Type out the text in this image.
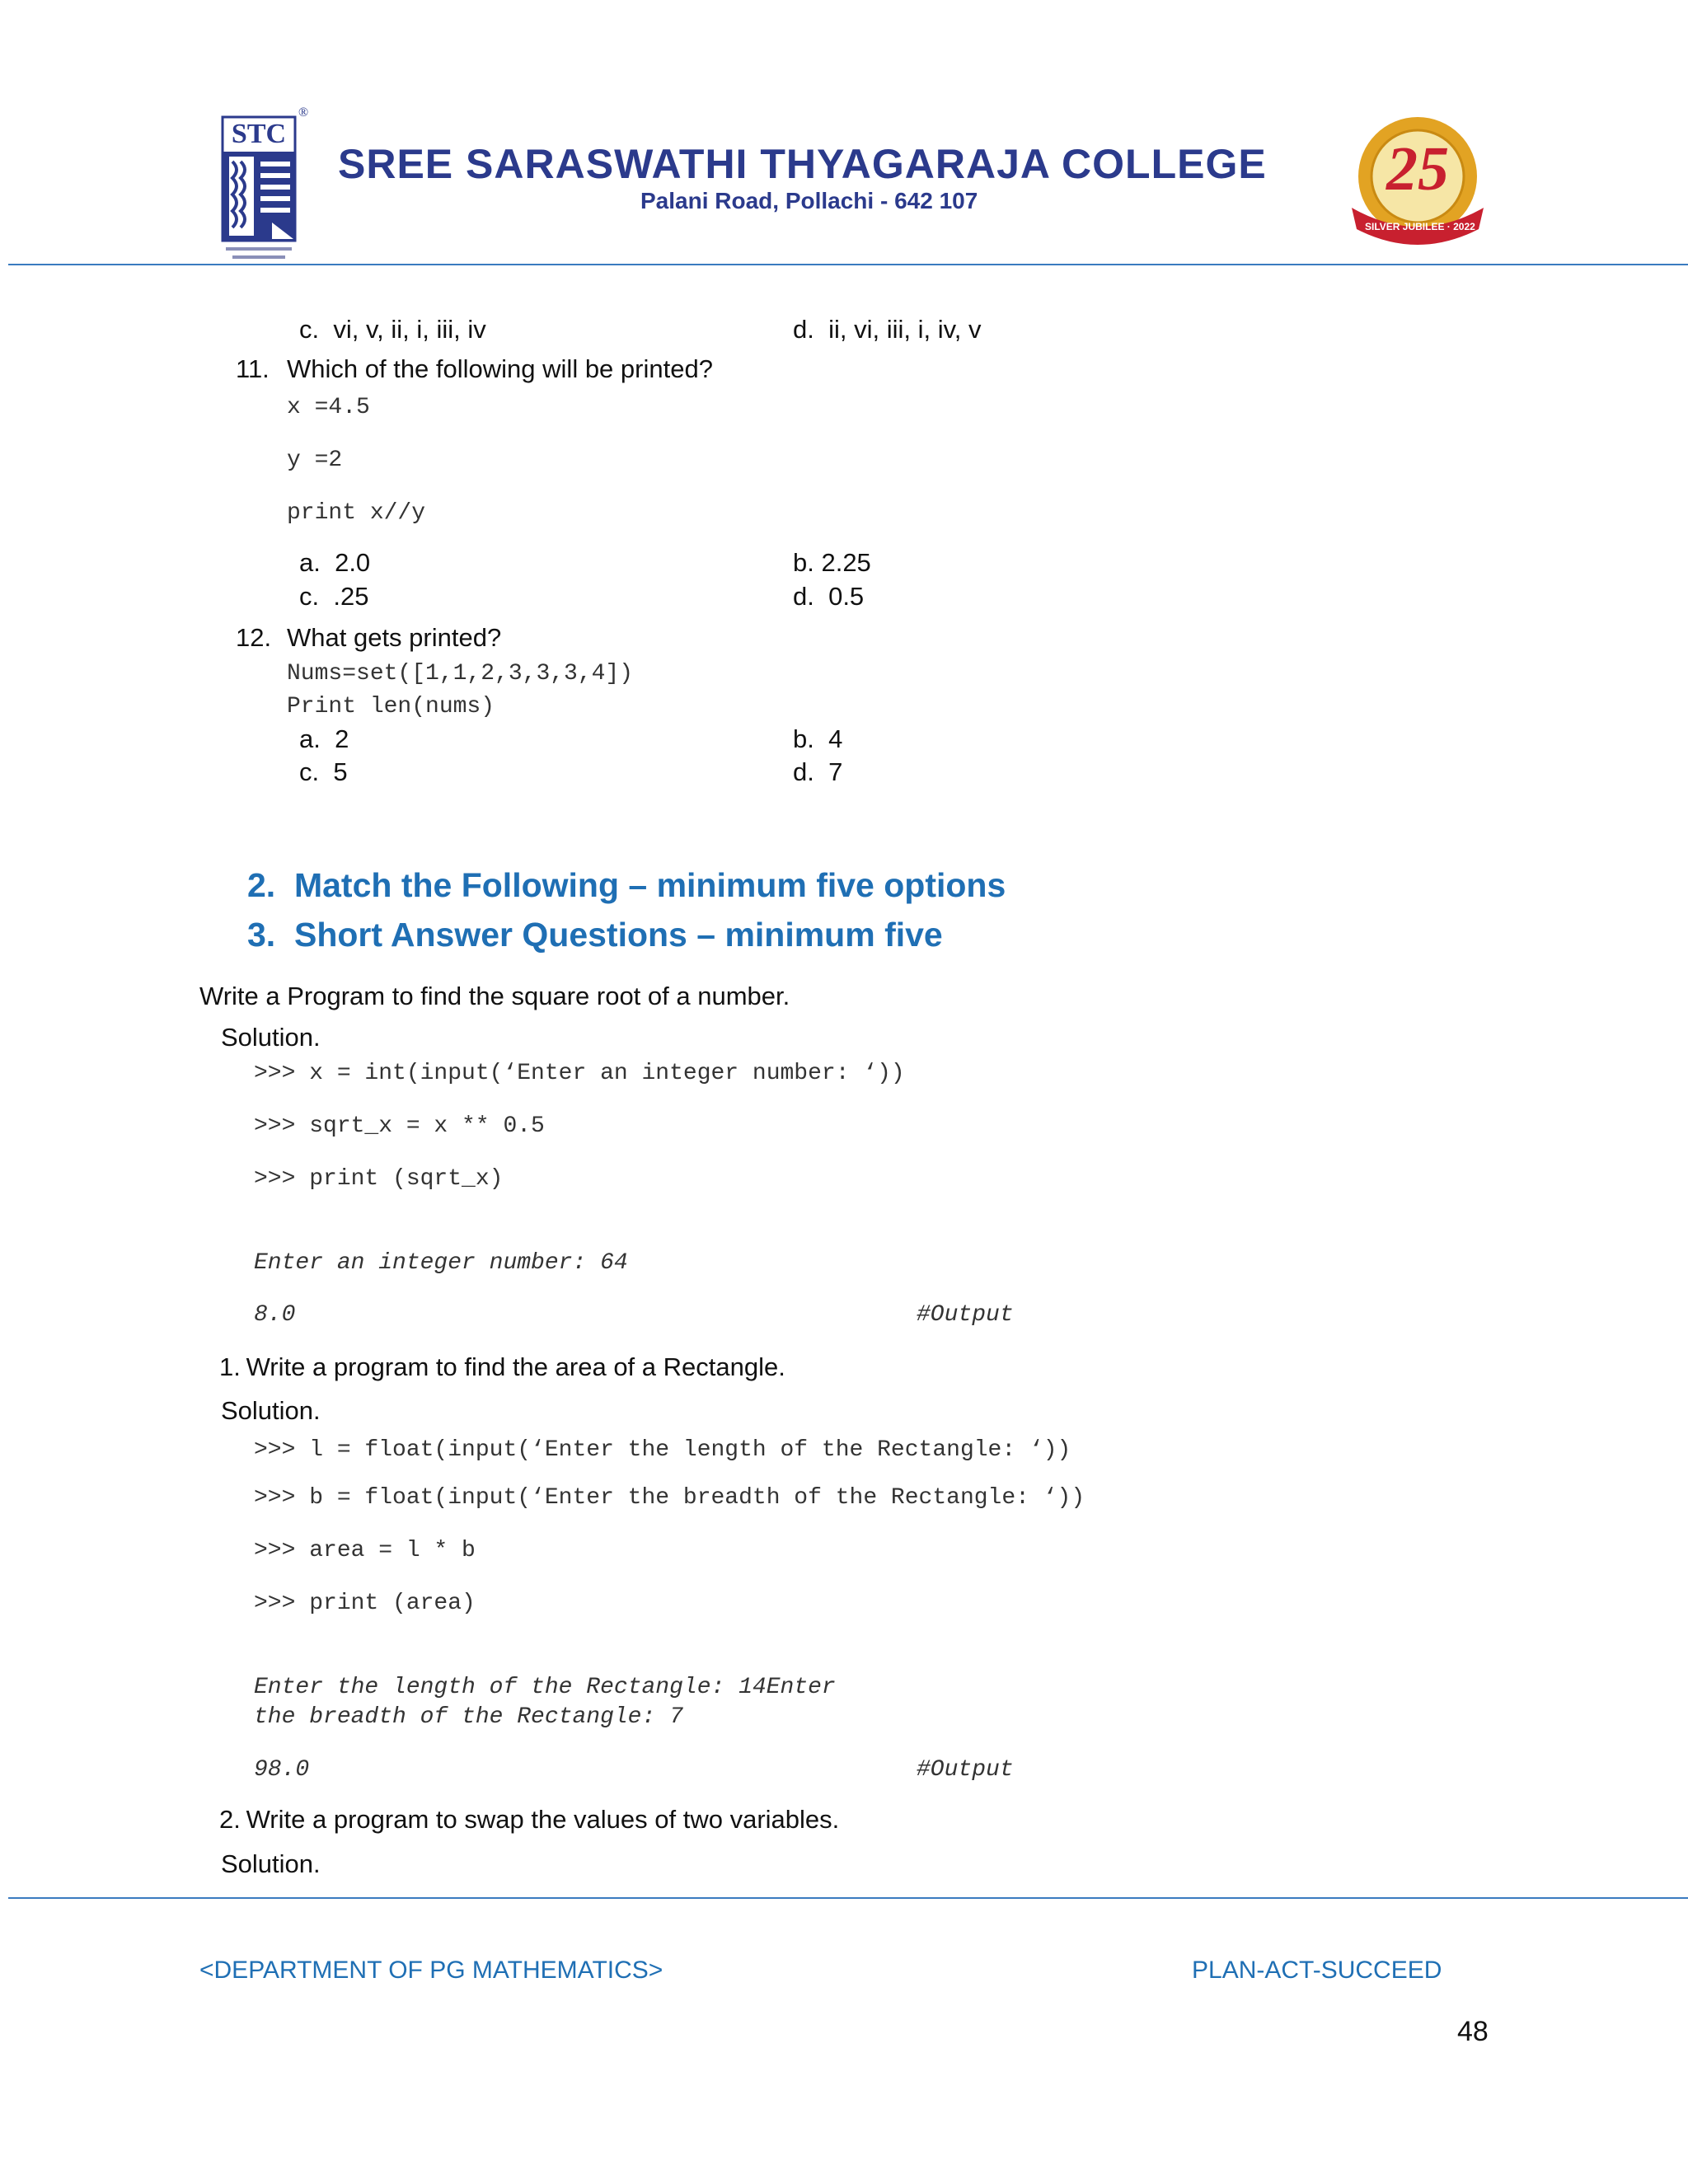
STC
®
SREE SARASWATHI THYAGARAJA COLLEGE
Palani Road, Pollachi - 642 107	25
SILVER JUBILEE · 2022
c.  vi, v, ii, i, iii, iv	d.  ii, vi, iii, i, iv, v
11. Which of the following will be printed?
x =4.5
y =2
print x//y
a.  2.0	b. 2.25
c.  .25	d.  0.5
12. What gets printed?
Nums=set([1,1,2,3,3,3,4])
Print len(nums)
a.  2	b.  4
c.  5	d.  7
2.  Match the Following – minimum five options
3.  Short Answer Questions – minimum five
Write a Program to find the square root of a number.
Solution.
>>> x = int(input(‘Enter an integer number: ‘))
>>> sqrt_x = x ** 0.5
>>> print (sqrt_x)
Enter an integer number: 64
8.0	#Output
1.
Write a program to find the area of a Rectangle.
Solution.
>>> l = float(input(‘Enter the length of the Rectangle: ‘))
>>> b = float(input(‘Enter the breadth of the Rectangle: ‘))
>>> area = l * b
>>> print (area)
Enter the length of the Rectangle: 14Enter
the breadth of the Rectangle: 7
98.0	#Output
2.
Write a program to swap the values of two variables.
Solution.
<DEPARTMENT OF PG MATHEMATICS>	PLAN-ACT-SUCCEED
48
